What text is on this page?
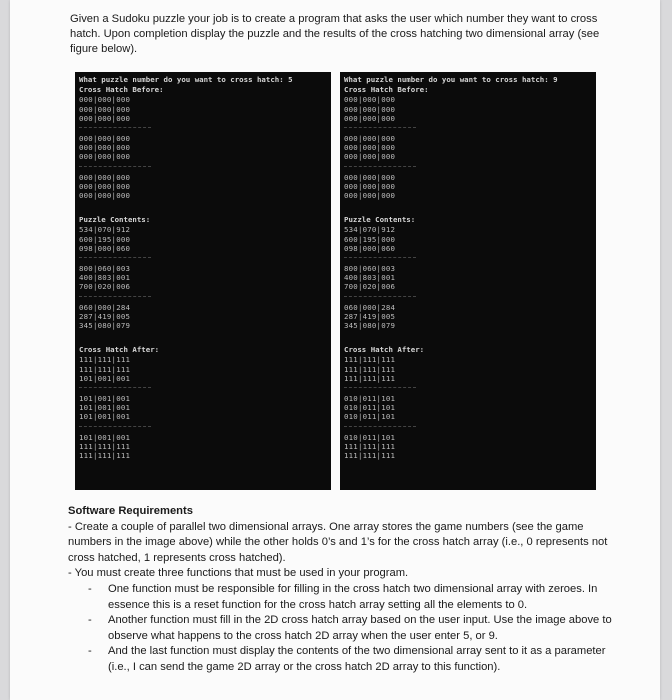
Given a Sudoku puzzle your job is to create a program that asks the user which number they want to cross hatch. Upon completion display the puzzle and the results of the cross hatching two dimensional array (see figure below).

What puzzle number do you want to cross hatch: 5
Cross Hatch Before:
000|000|000
000|000|000
000|000|000
000|000|000
000|000|000
000|000|000
000|000|000
000|000|000
000|000|000
Puzzle Contents:
534|070|912
600|195|000
098|000|060
800|060|003
400|803|001
700|020|006
060|000|284
287|419|005
345|080|079
Cross Hatch After:
111|111|111
111|111|111
101|001|001
101|001|001
101|001|001
101|001|001
101|001|001
111|111|111
111|111|111
What puzzle number do you want to cross hatch: 9
Cross Hatch Before:
000|000|000
000|000|000
000|000|000
000|000|000
000|000|000
000|000|000
000|000|000
000|000|000
000|000|000
Puzzle Contents:
534|070|912
600|195|000
098|000|060
800|060|003
400|803|001
700|020|006
060|000|284
287|419|005
345|080|079
Cross Hatch After:
111|111|111
111|111|111
111|111|111
010|011|101
010|011|101
010|011|101
010|011|101
111|111|111
111|111|111
Software Requirements

- Create a couple of parallel two dimensional arrays. One array stores the game numbers (see the game numbers in the image above) while the other holds 0’s and 1’s for the cross hatch array (i.e., 0 represents not cross hatched, 1 represents cross hatched).

- You must create three functions that must be used in your program.

- One function must be responsible for filling in the cross hatch two dimensional array with zeroes. In essence this is a reset function for the cross hatch array setting all the elements to 0.
- Another function must fill in the 2D cross hatch array based on the user input. Use the image above to observe what happens to the cross hatch 2D array when the user enter 5, or 9.
- And the last function must display the contents of the two dimensional array sent to it as a parameter (i.e., I can send the game 2D array or the cross hatch 2D array to this function).
